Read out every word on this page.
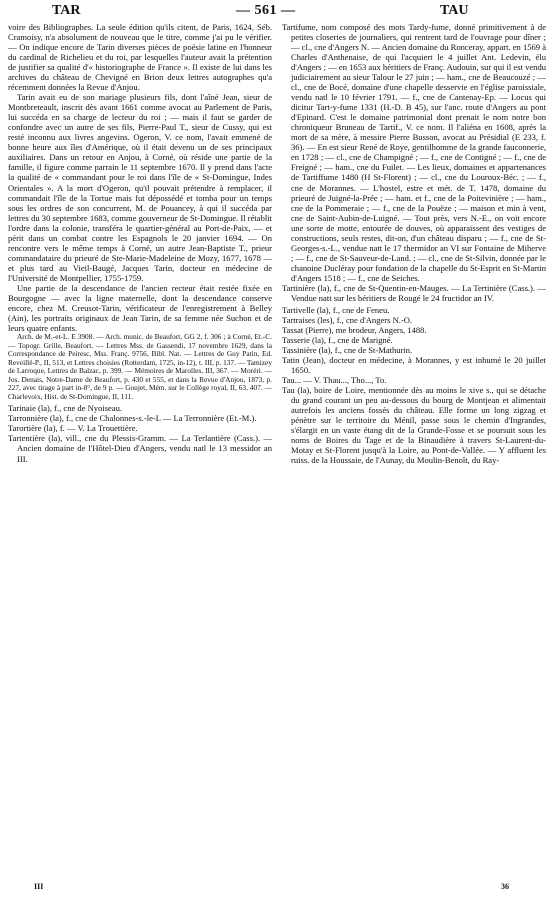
TAR	— 561 —	TAU

voire des Bibliographes. La seule édition qu'ils citent, de Paris, 1624, Séb. Cramoisy, n'a absolument de nouveau que le titre, comme j'ai pu le vérifier. — On indique encore de Tarin diverses pièces de poésie latine en l'honneur du cardinal de Richelieu et du roi, par lesquelles l'auteur avait la prétention de justifier sa qualité d'« historiographe de France ». Il existe de lui dans les archives du château de Chevigné en Brion deux lettres autographes qu'a récemment données la Revue d'Anjou.

Tarin avait eu de son mariage plusieurs fils, dont l'aîné Jean, sieur de Montbreteault, inscrit dès avant 1661 comme avocat au Parlement de Paris, lui succéda en sa charge de lecteur du roi ; — mais il faut se garder de confondre avec un autre de ses fils, Pierre-Paul T., sieur de Cussy, qui est resté inconnu aux livres angevins. Ogeron, V. ce nom, l'avait emmené de bonne heure aux îles d'Amérique, où il était devenu un de ses principaux auxiliaires. Dans un retour en Anjou, à Corné, où réside une partie de la famille, il figure comme parrain le 11 septembre 1670. Il y prend dans l'acte la qualité de « commandant pour le roi dans l'île de « St-Domingue, Indes Orientales ». A la mort d'Ogeron, qu'il pouvait prétendre à remplacer, il commandait l'île de la Tortue mais fut dépossédé et tomba pour un temps sous les ordres de son concurrent, M. de Pouancey, à qui il succéda par lettres du 30 septembre 1683, comme gouverneur de St-Domingue. Il rétablit l'ordre dans la colonie, transféra le quartier-général au Port-de-Paix, — et périt dans un combat contre les Espagnols le 20 janvier 1694. — On rencontre vers le même temps à Corné, un autre Jean-Baptiste T., prieur commandataire du prieuré de Ste-Marie-Madeleine de Mozy, 1677, 1678 — et plus tard au Vieil-Baugé, Jacques Tarin, docteur en médecine de l'Université de Montpellier, 1755-1759.

Une partie de la descendance de l'ancien recteur était restée fixée en Bourgogne — avec la ligne maternelle, dont la descendance conserve encore, chez M. Creusot-Tarin, vérificateur de l'enregistrement à Belley (Ain), les portraits originaux de Jean Tarin, de sa femme née Suchon et de leurs quatre enfants.

Arch. de M.-et-L. E 3908. — Arch. munic. de Beaufort, GG 2, f. 306 ; à Corné, Et.-C. — Topogr. Grille, Beaufort. — Lettres Mss. de Gassendi, 17 novembre 1629, dans la Correspondance de Peiresc, Mss. Franç. 9756, Bibl. Nat. — Lettres de Guy Patin, Ed. Reveillé-P., II, 513, et Lettres choisies (Rotterdam, 1725, in-12), t. III, p. 137. — Tamizey de Larroque, Lettres de Balzac, p. 399. — Mémoires de Marolles, III, 367. — Moréri. — Jos. Denais, Notre-Dame de Beaufort, p. 430 et 555, et dans la Revue d'Anjou, 1873, p. 227, avec tirage à part in-8°, de 9 p. — Goujet, Mém. sur le Collège royal, II, 63, 407. — Charlevoix, Hist. de St-Domingue, II, 111.

Tarinaie (la), f., cne de Nyoiseau.

Tarronnière (la), f., cne de Chalonnes-s.-le-L — La Terronnière (Et.-M.).

Tarortière (la), f. — V. La Trouettière.

Tartentière (la), vill., cne du Plessis-Gramm. — La Terlantière (Cass.). — Ancien domaine de l'Hôtel-Dieu d'Angers, vendu natl le 13 messidor an III.

Tartifume, nom composé des mots Tardy-fume, donné primitivement à de petites closeries de journaliers, qui rentrent tard de l'ouvrage pour dîner ; — cl., cne d'Angers N. — Ancien domaine du Ronceray, appart. en 1569 à Charles d'Anthenaise, de qui l'acquiert le 4 juillet Ant. Ledevin, élu d'Angers ; — en 1653 aux héritiers de Franç. Audouin, sur qui il est vendu judiciairement au sieur Talour le 27 juin ; — ham., cne de Beaucouzé ; — cl., cne de Bocé, domaine d'une chapelle desservie en l'église paroissiale, vendu natl le 10 février 1791. — f., cne de Cantenay-Ep. — Locus qui dicitur Tart-y-fume 1331 (H.-D. B 45), sur l'anc. route d'Angers au pont d'Epinard. C'est le domaine patrimonial dont prenait le nom notre bon chroniqueur Bruneau de Tartif., V. ce nom. Il l'aliéna en 1608, après la mort de sa mère, à messire Pierre Busson, avocat au Présidial (E 233, f. 36). — En est sieur René de Roye, gentilhomme de la grande fauconnerie, en 1728 ; — cl., cne de Champigné ; — f., cne de Contigné ; — f., cne de Freigné ; — ham., cne du Fuilet. — Les lieux, domaines et appartenances de Tartiffume 1480 (H St-Florent) ; — cl., cne du Louroux-Béc. ; — f., cne de Morannes. — L'hostel, estre et mét. de T. 1478, domaine du prieuré de Juigné-la-Prée ; — ham. et f., cne de la Poitevinière ; — ham., cne de la Pommeraie ; — f., cne de la Pouëze ; — maison et min à vent, cne de Saint-Aubin-de-Luigné. — Tout près, vers N.-E., on voit encore une sorte de motte, entourée de douves, où apparaissent des vestiges de constructions, seuls restes, dit-on, d'un château disparu ; — f., cne de St-Georges-s.-L., vendue natt le 17 thermidor an VI sur Fontaine de Miherve ; — f., cne de St-Sauveur-de-Land. ; — cl., cne de St-Silvin, donnée par le chanoine Ducléray pour fondation de la chapelle du St-Esprit en St-Martin d'Angers 1518 ; — f., cne de Seiches.

Tartinière (la), f., cne de St-Quentin-en-Mauges. — La Tertinière (Cass.). — Vendue natt sur les héritiers de Rougé le 24 fructidor an IV.

Tartivelle (la), f., cne de Feneu.

Tartraises (les), f., cne d'Angers N.-O.

Tassat (Pierre), me brodeur, Angers, 1488.

Tasserie (la), f., cne de Marigné.

Tassinière (la), f., cne de St-Mathurin.

Tatin (Jean), docteur en médecine, à Morannes, y est inhumé le 20 juillet 1650.

Tau... — V. Thau..., Tho..., To.

Tau (la), boire de Loire, mentionnée dès au moins le xive s., qui se détache du grand courant un peu au-dessous du bourg de Montjean et alimentait autrefois les anciens fossés du château. Elle forme un long zigzag et pénètre sur le territoire du Ménil, passe sous le chemin d'Ingrandes, s'élargit en un vaste étang dit de la Grande-Fosse et se poursuit sous les noms de Boires du Tage et de la Binaudière à travers St-Laurent-du-Motay et St-Florent jusqu'à la Loire, au Pont-de-Vallée. — Y affluent les ruiss. de la Houssaie, de l'Aunay, du Moulin-Benoît, du Ray-

III	36
